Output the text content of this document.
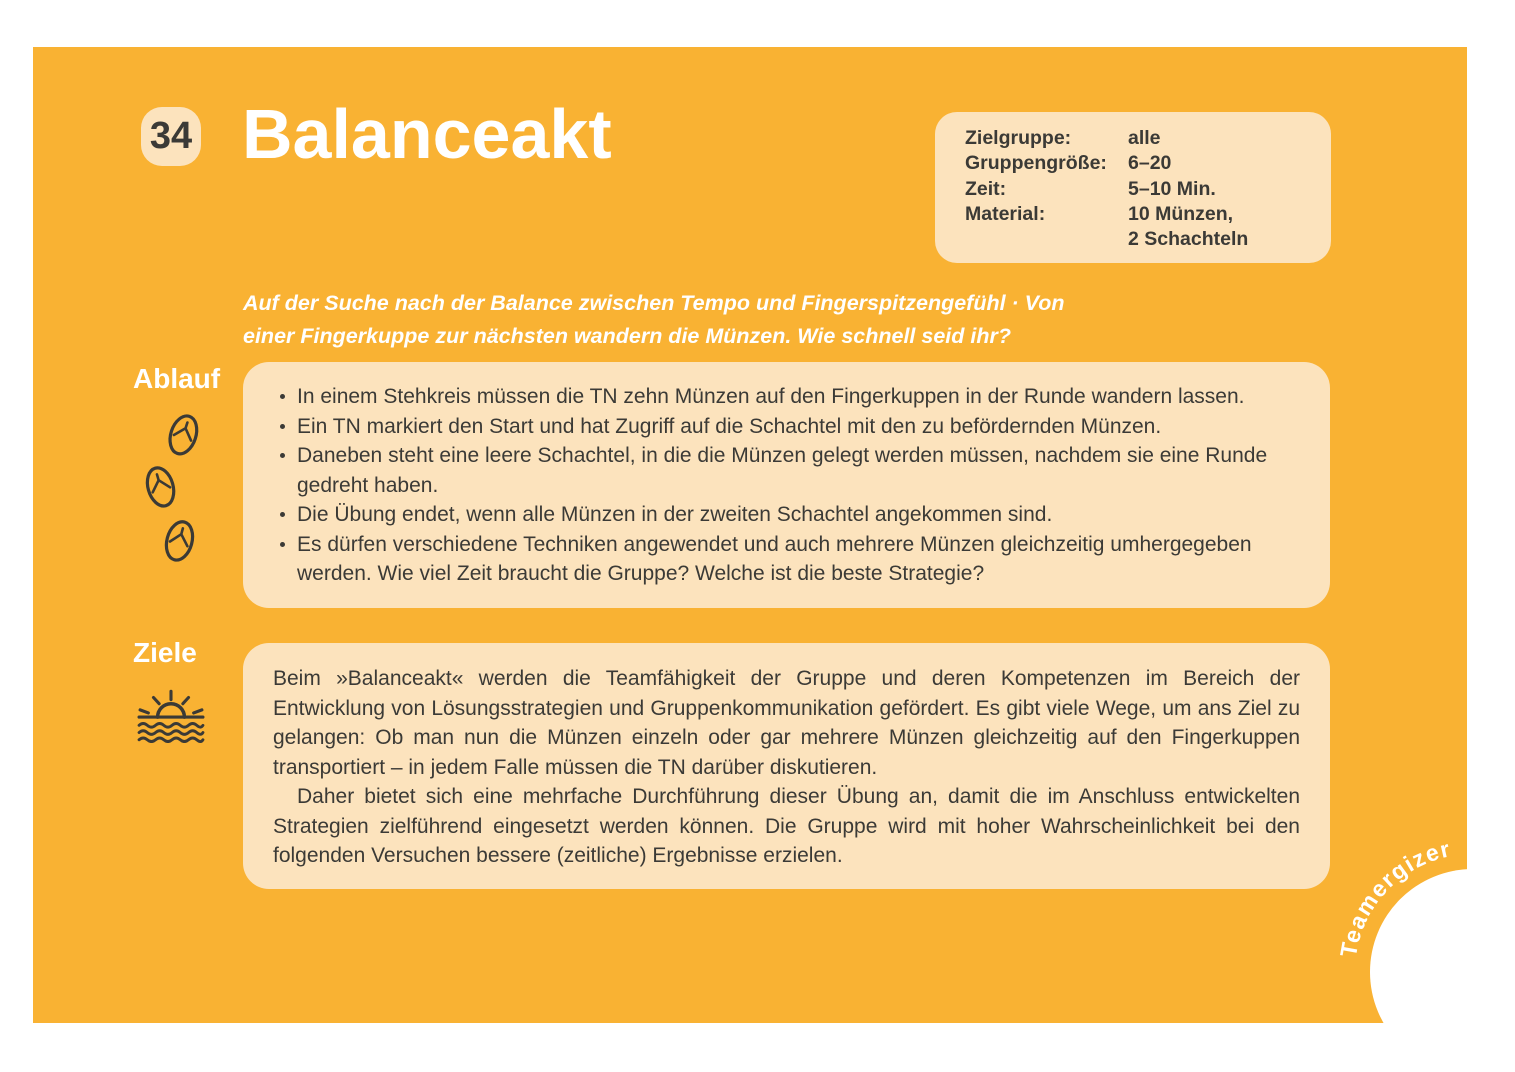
34 Balanceakt	Zielgruppe:	alle
Gruppengröße:	6–20
Zeit:	5–10 Min.
Material:	10 Münzen,
2 Schachteln
Auf der Suche nach der Balance zwischen Tempo und Fingerspitzengefühl · Von
einer Fingerkuppe zur nächsten wandern die Münzen. Wie schnell seid ihr?
Ablauf
In einem Stehkreis müssen die TN zehn Münzen auf den Fingerkuppen in der Runde wandern lassen.
Ein TN markiert den Start und hat Zugriff auf die Schachtel mit den zu befördernden Münzen.
Daneben steht eine leere Schachtel, in die die Münzen gelegt werden müssen, nachdem sie eine Runde gedreht haben.
Die Übung endet, wenn alle Münzen in der zweiten Schachtel angekommen sind.
Es dürfen verschiedene Techniken angewendet und auch mehrere Münzen gleichzeitig umhergegeben werden. Wie viel Zeit braucht die Gruppe? Welche ist die beste Strategie?
Ziele

Beim »Balanceakt« werden die Teamfähigkeit der Gruppe und deren Kompetenzen im Bereich der Entwicklung von Lösungsstrategien und Gruppenkommunikation gefördert. Es gibt viele Wege, um ans Ziel zu gelangen: Ob man nun die Münzen einzeln oder gar mehrere Münzen gleichzeitig auf den Fingerkuppen transportiert – in jedem Falle müssen die TN darüber diskutieren.

Daher bietet sich eine mehrfache Durchführung dieser Übung an, damit die im Anschluss entwickelten Strategien zielführend eingesetzt werden können. Die Gruppe wird mit hoher Wahrscheinlichkeit bei den folgenden Versuchen bessere (zeitliche) Ergebnisse erzielen.

Teamergizer
